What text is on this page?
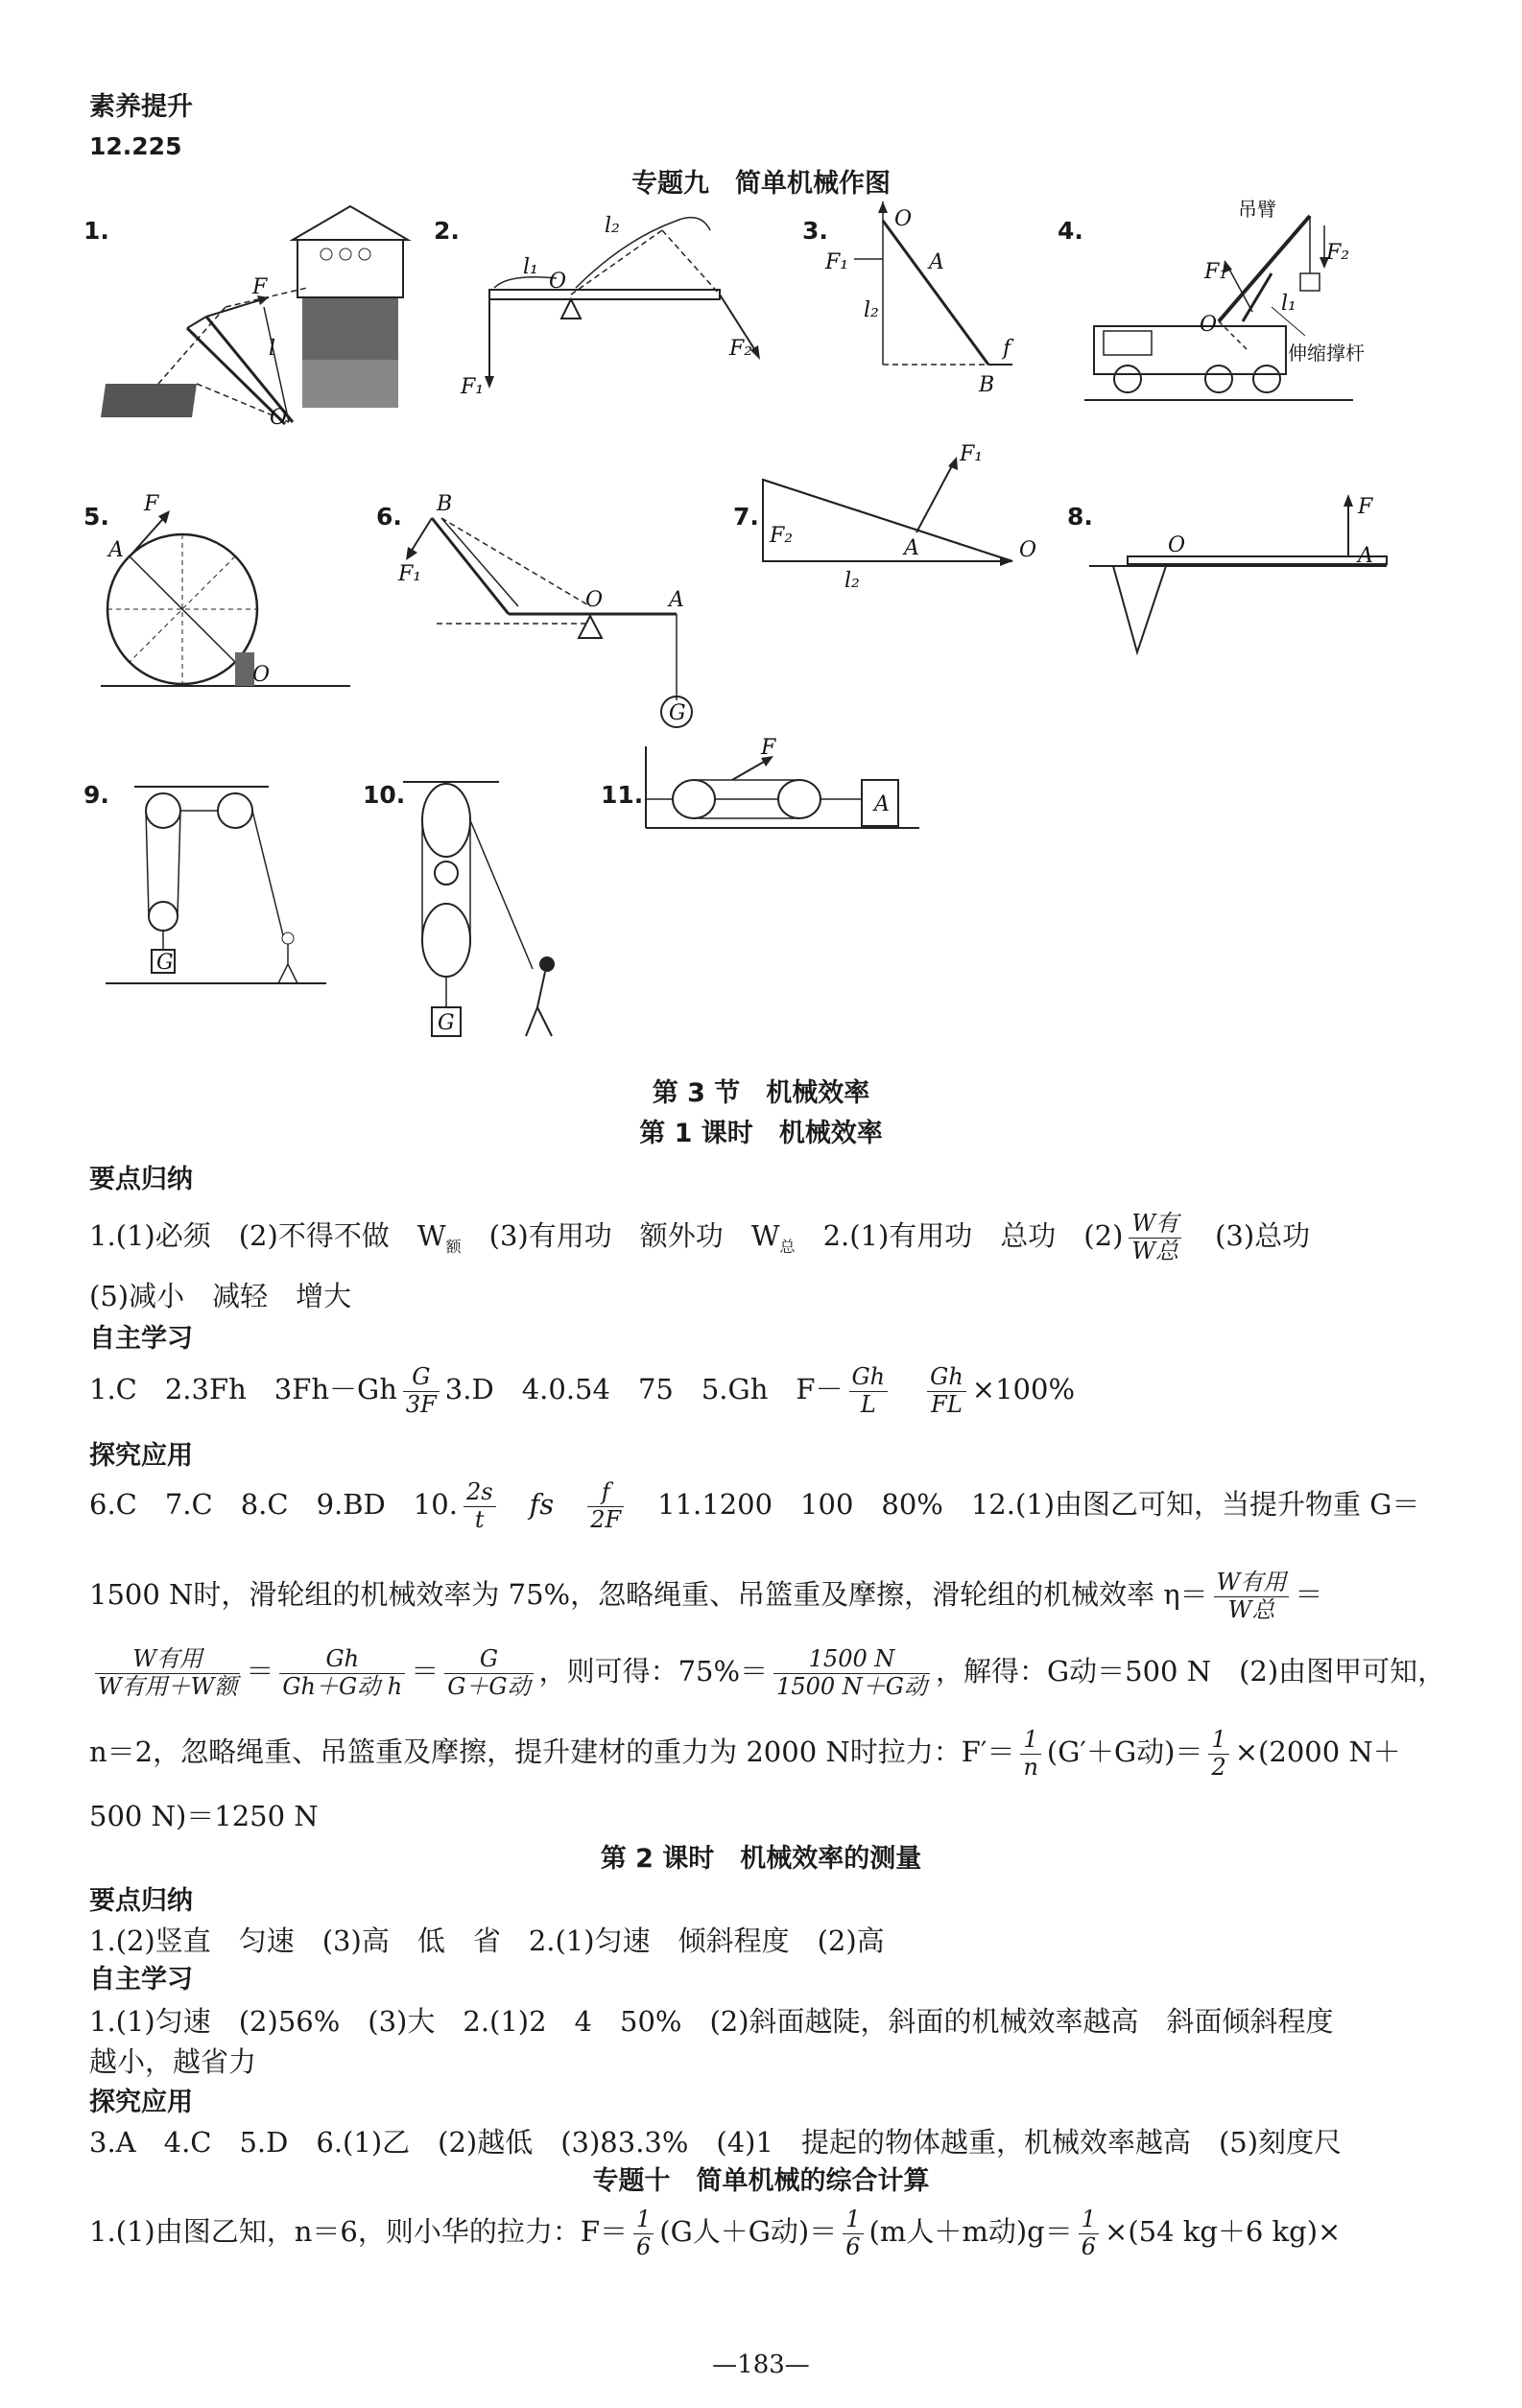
素养提升
12.225
专题九　简单机械作图
1.	2.	3.	4.
5.	6.	7.	8.
9.	10.	11.
F
l
O
l₂
l₁
O
F₁
F₂
O
A
F₁
l₂
f
B
吊臂
F₂
F₁
O
l₁
伸缩撑杆
F
A
O
B
F₁
O	A
G
F₁
F₂
A	O
l₂
F
O	A
G
G
F
A
第 3 节　机械效率
第 1 课时　机械效率
要点归纳
1.(1)必须　(2)不得不做　$W_额$　(3)有用功　额外功　$W_总$　2.(1)有用功　总功　$(2) \frac{\text{W有}}{\text{W总}}$ 　(3)总功
(5)减小　减轻　增大
自主学习
1.C　2.3Fh　$3Fh-Gh \frac{G}{3F} 3.D$　4.0.54　75　5.Gh　$F- \frac{Gh}{L}$
　 $\frac{Gh}{FL} \times 100\%$
探究应用
6.C　7.C　8.C　9.BD　10. $\frac{2s}{t}$
　 fs　 $\frac{f}{2F}$
　 11.1200　100　80%　12.(1)由图乙可知，当提升物重 G＝
1500 N时，滑轮组的机械效率为 75%，忽略绳重、吊篮重及摩擦，滑轮组的机械效率 $\eta= \frac{\text{W有用}}{\text{W总}}$ ＝
$\frac{\text{W有用}}{\text{W有用＋W额}} = \frac{Gh}{\text{Gh＋G动 h}} = \frac{G}{\text{G＋G动}}$ ，则可得：$75\%= \frac{1500 N}{\text{1500 N＋G动}}$ ，解得：G动＝500 N　(2)由图甲可知，
n＝2，忽略绳重、吊篮重及摩擦，提升建材的重力为 2000 N时拉力：$F'= \frac{1}{n} (G'+G$动)＝ $\frac{1}{2} \times(2000$ N＋
500 N)＝1250 N
第 2 课时　机械效率的测量
要点归纳
1.(2)竖直　匀速　(3)高　低　省　2.(1)匀速　倾斜程度　(2)高
自主学习
1.(1)匀速　(2)56%　(3)大　2.(1)2　4　50%　(2)斜面越陡，斜面的机械效率越高　斜面倾斜程度
越小，越省力
探究应用
3.A　4.C　5.D　6.(1)乙　(2)越低　(3)83.3%　(4)1　提起的物体越重，机械效率越高　(5)刻度尺
专题十　简单机械的综合计算
1.(1)由图乙知，n＝6，则小华的拉力：$F= \frac{1}{6} (G$人＋G动)＝ $\frac{1}{6} (m$人＋m动)$g= \frac{1}{6} \times(54$ kg＋6 kg)×
—183—
